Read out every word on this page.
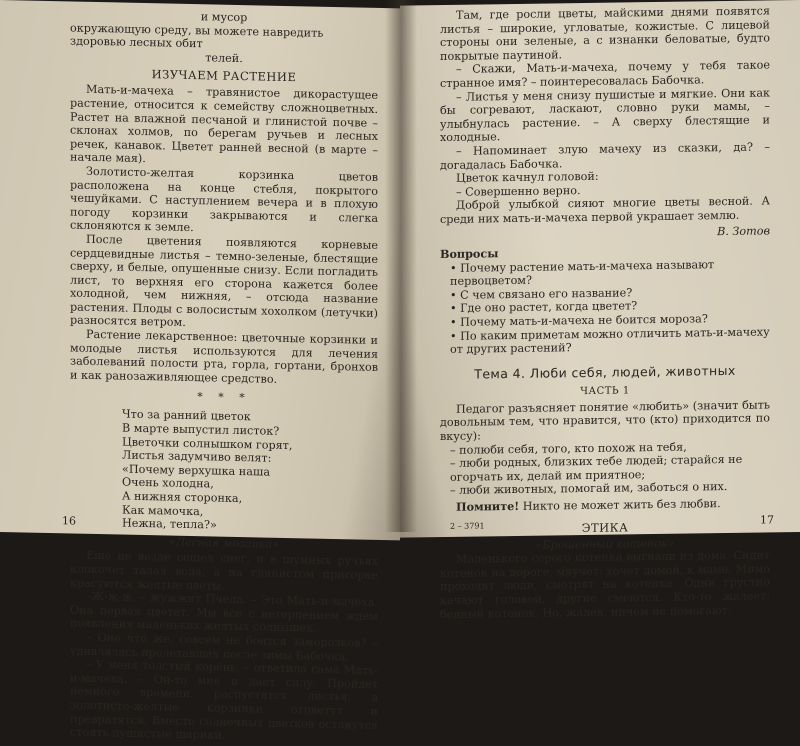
и мусор
окружающую среду, вы можете навредить здоровью лесных обит
телей.
ИЗУЧАЕМ РАСТЕНИЕ

Мать-и-мачеха – травянистое дикорастущее растение, относится к семейству сложноцветных. Растет на влажной песчаной и глинистой почве – склонах холмов, по берегам ручьев и лесных речек, канавок. Цветет ранней весной (в марте – начале мая).

Золотисто-желтая корзинка цветов расположена на конце стебля, покрытого чешуйками. С наступлением вечера и в плохую погоду корзинки закрываются и слегка склоняются к земле.

После цветения появляются корневые сердцевидные листья – темно-зеленые, блестящие сверху, и белые, опушенные снизу. Если погладить лист, то верхняя его сторона кажется более холодной, чем нижняя, – отсюда название растения. Плоды с волосистым хохолком (летучки) разносятся ветром.

Растение лекарственное: цветочные корзинки и молодые листья используются для лечения заболеваний полости рта, горла, гортани, бронхов и как ранозаживляющее средство.

* * *
Что за ранний цветок
В марте выпустил листок?
Цветочки солнышком горят,
Листья задумчиво велят:
«Почему верхушка наша
Очень холодна,
А нижняя сторонка,
Как мамочка,
Нежна, тепла?»
«Лесная мозаика»

Еще не везде сошел снег, и в шумных ручьях клокочет талая вода, а на глинистом пригорке красуются желтые цветы.

–Ж-ж-ж, – жужжит Пчела. – Это Мать-и-мачеха. Она первая цветет. Мы все с нетерпением ждем появления маленьких желтых солнышек.

– Она что же, совсем не боится заморозков? – удивлялась пролетавшая после зимы Бабочка.

– У меня толстый корень, – ответила сама Мать-и-мачеха. – Он-то мне и дает силу. Пройдет немного времени, распустятся листья, а золотисто-желтые корзинки отцветут и превратятся. Вместо солнечных цветков останутся стоять пушистые шарики.

16

Там, где росли цветы, майскими днями появятся листья – широкие, угловатые, кожистые. С лицевой стороны они зеленые, а с изнанки беловатые, будто покрытые паутиной.

– Скажи, Мать-и-мачеха, почему у тебя такое странное имя? – поинтересовалась Бабочка.

– Листья у меня снизу пушистые и мягкие. Они как бы согревают, ласкают, словно руки мамы, – улыбнулась растение. – А сверху блестящие и холодные.

– Напоминает злую мачеху из сказки, да? – догадалась Бабочка.

Цветок качнул головой:

– Совершенно верно.

Доброй улыбкой сияют многие цветы весной. А среди них мать-и-мачеха первой украшает землю.

В. Зотов
Вопросы
• Почему растение мать-и-мачеха называют первоцветом?
• С чем связано его название?
• Где оно растет, когда цветет?
• Почему мать-и-мачеха не боится мороза?
• По каким приметам можно отличить мать-и-мачеху от других растений?
Тема 4. Люби себя, людей, животных
ЧАСТЬ 1

Педагог разъясняет понятие «любить» (значит быть довольным тем, что нравится, что (кто) приходится по вкусу):

– полюби себя, того, кто похож на тебя,
– люби родных, близких тебе людей; старайся не огорчать их, делай им приятное;
– люби животных, помогай им, заботься о них.

Помните! Никто не может жить без любви.

ЭТИКА
«Брошенный котенок»

Маленького серого котенка выгнали из дома. Сидит котенок на дороге, мяучет: хочет домой, к маме. Мимо проходят люди, смотрят на котенка. Одни грустно качают головой, другие смеются. Кто-то жалеет: бедный котенок. Но, жалея, ничем не помогают.

2 – 3791	17
